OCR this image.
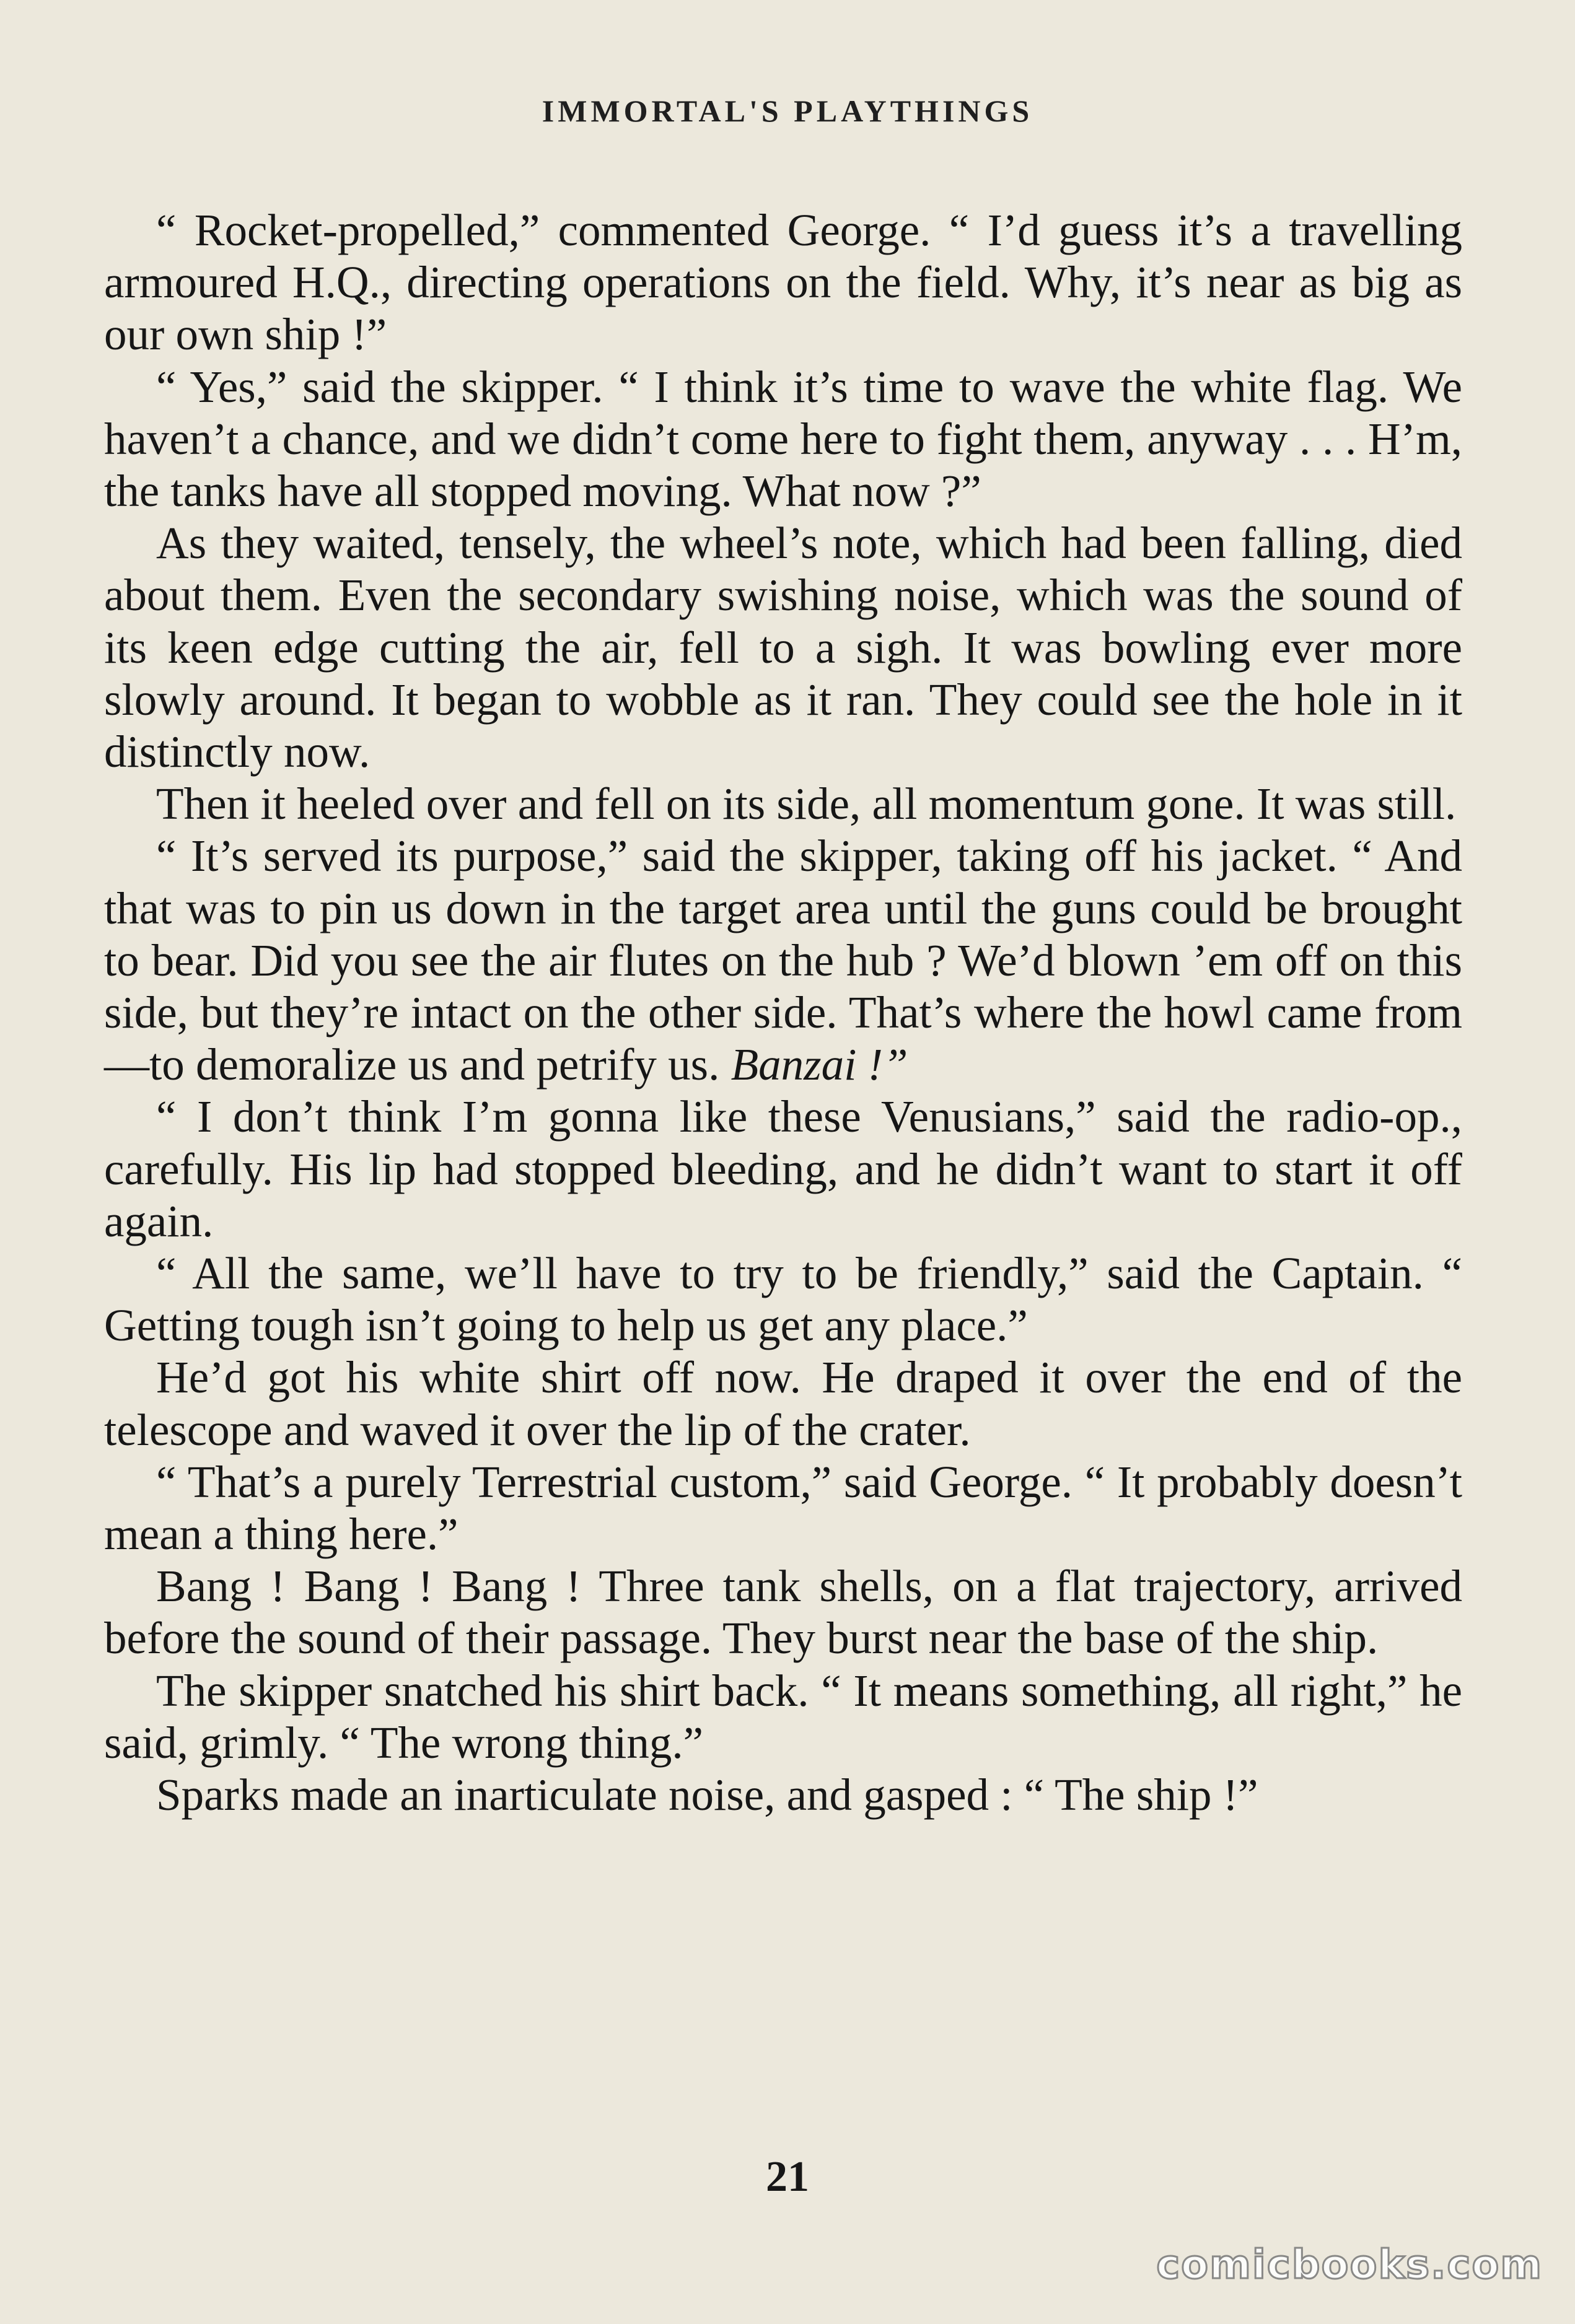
IMMORTAL'S PLAYTHINGS

“ Rocket-propelled,” commented George. “ I’d guess it’s a travelling armoured H.Q., directing operations on the field. Why, it’s near as big as our own ship !”

“ Yes,” said the skipper. “ I think it’s time to wave the white flag. We haven’t a chance, and we didn’t come here to fight them, anyway . . . H’m, the tanks have all stopped moving. What now ?”

As they waited, tensely, the wheel’s note, which had been falling, died about them. Even the secondary swishing noise, which was the sound of its keen edge cutting the air, fell to a sigh. It was bowling ever more slowly around. It began to wobble as it ran. They could see the hole in it distinctly now.

Then it heeled over and fell on its side, all momentum gone. It was still.

“ It’s served its purpose,” said the skipper, taking off his jacket. “ And that was to pin us down in the target area until the guns could be brought to bear. Did you see the air flutes on the hub ? We’d blown ’em off on this side, but they’re intact on the other side. That’s where the howl came from—to demoralize us and petrify us. Banzai !”

“ I don’t think I’m gonna like these Venusians,” said the radio-op., carefully. His lip had stopped bleeding, and he didn’t want to start it off again.

“ All the same, we’ll have to try to be friendly,” said the Captain. “ Getting tough isn’t going to help us get any place.”

He’d got his white shirt off now. He draped it over the end of the telescope and waved it over the lip of the crater.

“ That’s a purely Terrestrial custom,” said George. “ It probably doesn’t mean a thing here.”

Bang ! Bang ! Bang ! Three tank shells, on a flat trajectory, arrived before the sound of their passage. They burst near the base of the ship.

The skipper snatched his shirt back. “ It means something, all right,” he said, grimly. “ The wrong thing.”

Sparks made an inarticulate noise, and gasped : “ The ship !”

21
comicbooks.com
